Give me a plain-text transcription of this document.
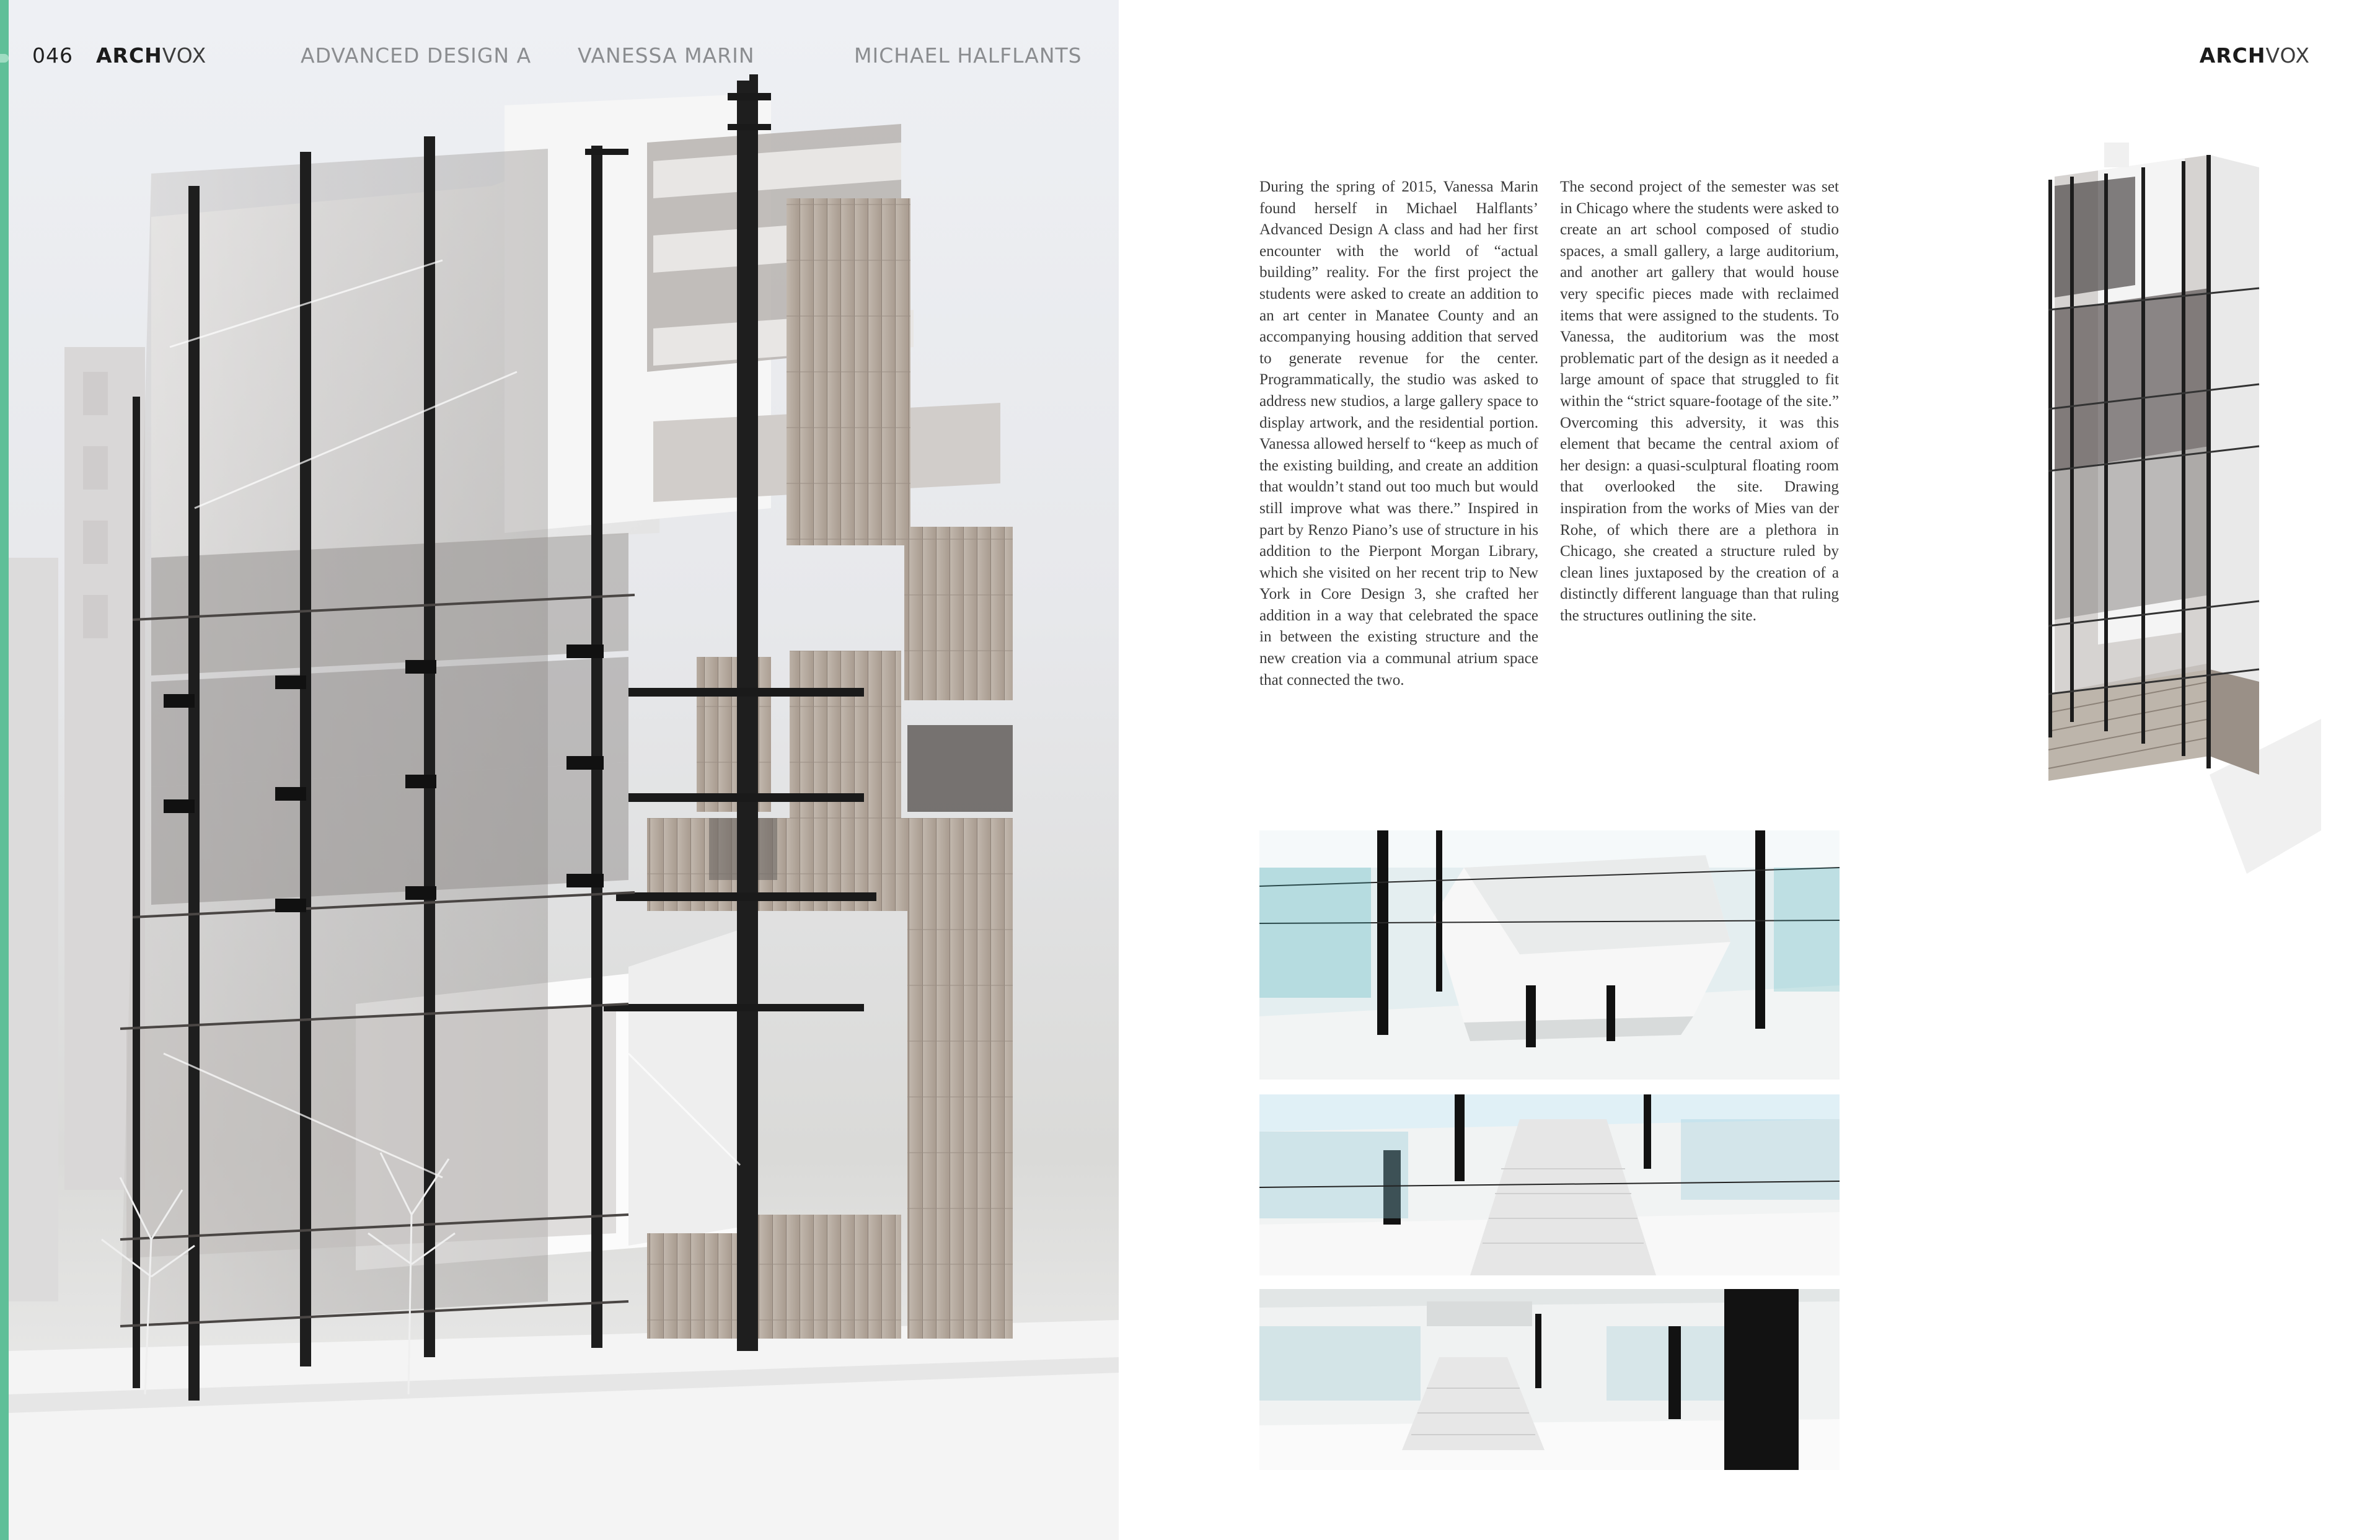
046 ARCHVOX	ADVANCED DESIGN A VANESSA MARIN	MICHAEL HALFLANTS	ARCHVOX

During the spring of 2015, Vanessa Marin found herself in Michael Halflants’ Advanced Design A class and had her first encounter with the world of “actual building” reality. For the first project the students were asked to create an addition to an art center in Manatee County and an accompanying housing addition that served to generate revenue for the center. Programmatically, the studio was asked to address new studios, a large gallery space to display artwork, and the residential portion. Vanessa allowed herself to “keep as much of the existing building, and create an addition that wouldn’t stand out too much but would still improve what was there.” Inspired in part by Renzo Piano’s use of structure in his addition to the Pierpont Morgan Library, which she visited on her recent trip to New York in Core Design 3, she crafted her addition in a way that celebrated the space in between the existing structure and the new creation via a communal atrium space that connected the two.

The second project of the semester was set in Chicago where the students were asked to create an art school composed of studio spaces, a small gallery, a large auditorium, and another art gallery that would house very specific pieces made with reclaimed items that were assigned to the students. To Vanessa, the auditorium was the most problematic part of the design as it needed a large amount of space that struggled to fit within the “strict square-footage of the site.” Overcoming this adversity, it was this element that became the central axiom of her design: a quasi-sculptural floating room that overlooked the site. Drawing inspiration from the works of Mies van der Rohe, of which there are a plethora in Chicago, she created a structure ruled by clean lines juxtaposed by the creation of a distinctly different language than that ruling the structures outlining the site.
